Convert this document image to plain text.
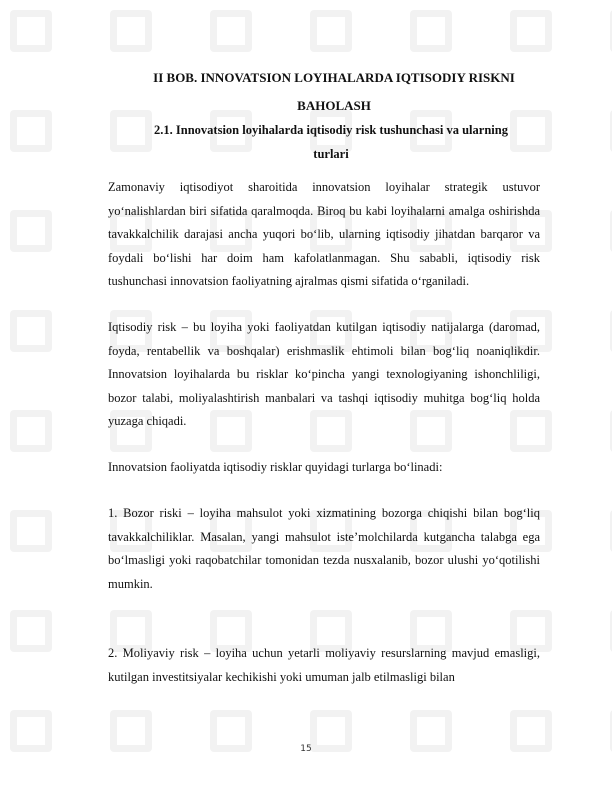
II BOB. INNOVATSION LOYIHALARDA IQTISODIY RISKNI
BAHOLASH
2.1. Innovatsion loyihalarda iqtisodiy risk tushunchasi va ularning
turlari

Zamonaviy iqtisodiyot sharoitida innovatsion loyihalar strategik ustuvor yo‘nalishlardan biri sifatida qaralmoqda. Biroq bu kabi loyihalarni amalga oshirishda tavakkalchilik darajasi ancha yuqori bo‘lib, ularning iqtisodiy jihatdan barqaror va foydali bo‘lishi har doim ham kafolatlanmagan. Shu sababli, iqtisodiy risk tushunchasi innovatsion faoliyatning ajralmas qismi sifatida o‘rganiladi.

Iqtisodiy risk – bu loyiha yoki faoliyatdan kutilgan iqtisodiy natijalarga (daromad, foyda, rentabellik va boshqalar) erishmaslik ehtimoli bilan bog‘liq noaniqlikdir. Innovatsion loyihalarda bu risklar ko‘pincha yangi texnologiyaning ishonchliligi, bozor talabi, moliyalashtirish manbalari va tashqi iqtisodiy muhitga bog‘liq holda yuzaga chiqadi.

Innovatsion faoliyatda iqtisodiy risklar quyidagi turlarga bo‘linadi:

1. Bozor riski – loyiha mahsulot yoki xizmatining bozorga chiqishi bilan bog‘liq tavakkalchiliklar. Masalan, yangi mahsulot iste’molchilarda kutgancha talabga ega bo‘lmasligi yoki raqobatchilar tomonidan tezda nusxalanib, bozor ulushi yo‘qotilishi mumkin.

2. Moliyaviy risk – loyiha uchun yetarli moliyaviy resurslarning mavjud emasligi, kutilgan investitsiyalar kechikishi yoki umuman jalb etilmasligi bilan

15
